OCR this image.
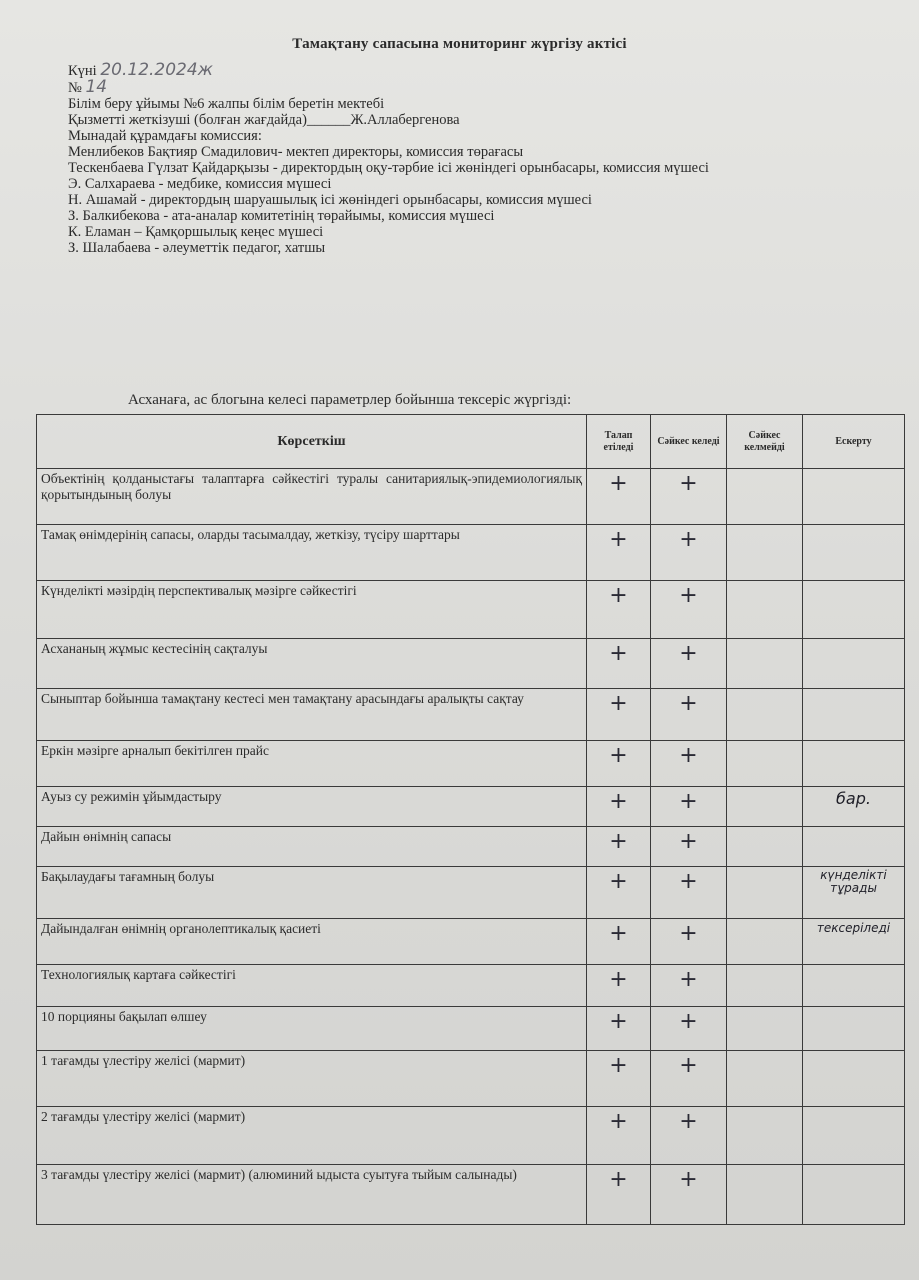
Тамақтану сапасына мониторинг жүргізу актісі
Күні 20.12.2024ж
№ 14
Білім беру ұйымы №6 жалпы білім беретін мектебі
Қызметті жеткізуші (болған жағдайда)______Ж.Аллабергенова
Мынадай құрамдағы комиссия:
Менлибеков Бақтияр Смадилович- мектеп директоры, комиссия төрағасы
Тескенбаева Гүлзат Қайдарқызы - директордың оқу-тәрбие ісі жөніндегі орынбасары, комиссия мүшесі
Э. Салхараева - медбике, комиссия мүшесі
Н. Ашамай - директордың шаруашылық ісі жөніндегі орынбасары, комиссия мүшесі
З. Балкибекова - ата-аналар комитетінің төрайымы, комиссия мүшесі
К. Еламан – Қамқоршылық кеңес мүшесі
З. Шалабаева - әлеуметтік педагог, хатшы
Асханаға, ас блогына келесі параметрлер бойынша тексеріс жүргізді:
Көрсеткіш	Талап етіледі	Сәйкес келеді	Сәйкес келмейді	Ескерту
Объектінің қолданыстағы талаптарға сәйкестігі туралы санитариялық-эпидемиологиялық қорытындының болуы	+	+		
Тамақ өнімдерінің сапасы, оларды тасымалдау, жеткізу, түсіру шарттары	+	+		
Күнделікті мәзірдің перспективалық мәзірге сәйкестігі	+	+		
Асхананың жұмыс кестесінің сақталуы	+	+		
Сыныптар бойынша тамақтану кестесі мен тамақтану арасындағы аралықты сақтау	+	+		
Еркін мәзірге арналып бекітілген прайс	+	+		
Ауыз су режимін ұйымдастыру	+	+		бар.
Дайын өнімнің сапасы	+	+		
Бақылаудағы тағамның болуы	+	+		күнделікті тұрады
Дайындалған өнімнің органолептикалық қасиеті	+	+		тексеріледі
Технологиялық картаға сәйкестігі	+	+		
10 порцияны бақылап өлшеу	+	+		
1 тағамды үлестіру желісі (мармит)	+	+		
2 тағамды үлестіру желісі (мармит)	+	+		
3 тағамды үлестіру желісі (мармит) (алюминий ыдыста суытуға тыйым салынады)	+	+		
